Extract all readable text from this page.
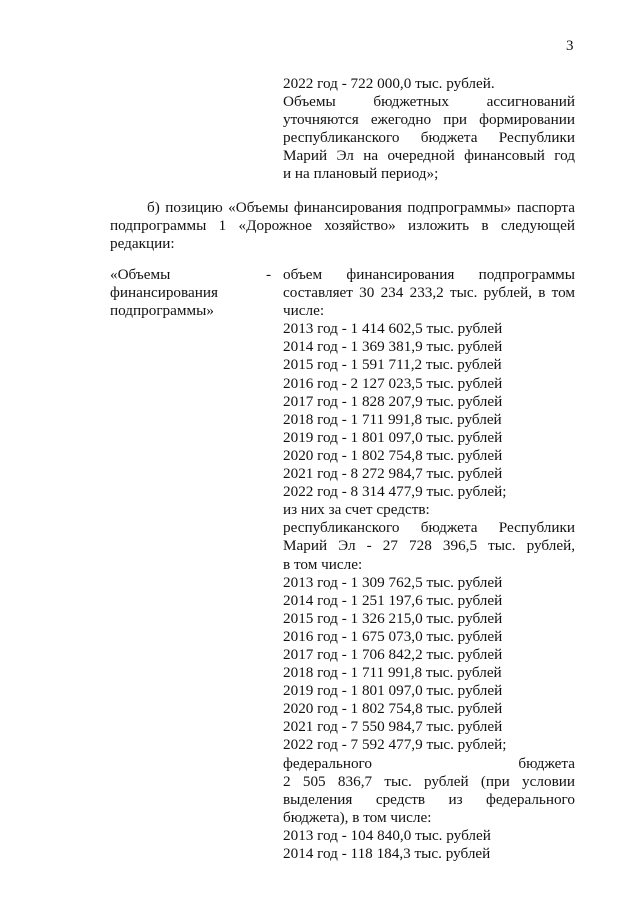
3
2022 год - 722 000,0 тыс. рублей.
Объемы бюджетных ассигнований
уточняются ежегодно при формировании
республиканского бюджета Республики
Марий Эл на очередной финансовый год
и на плановый период»;
б) позицию «Объемы финансирования подпрограммы» паспорта
подпрограммы 1 «Дорожное хозяйство» изложить в следующей
редакции:
«Объемы
финансирования
подпрограммы»
- объем финансирования подпрограммы
составляет 30 234 233,2 тыс. рублей, в том
числе:
2013 год - 1 414 602,5 тыс. рублей
2014 год - 1 369 381,9 тыс. рублей
2015 год - 1 591 711,2 тыс. рублей
2016 год - 2 127 023,5 тыс. рублей
2017 год - 1 828 207,9 тыс. рублей
2018 год - 1 711 991,8 тыс. рублей
2019 год - 1 801 097,0 тыс. рублей
2020 год - 1 802 754,8 тыс. рублей
2021 год - 8 272 984,7 тыс. рублей
2022 год - 8 314 477,9 тыс. рублей;
из них за счет средств:
республиканского бюджета Республики
Марий Эл - 27 728 396,5 тыс. рублей,
в том числе:
2013 год - 1 309 762,5 тыс. рублей
2014 год - 1 251 197,6 тыс. рублей
2015 год - 1 326 215,0 тыс. рублей
2016 год - 1 675 073,0 тыс. рублей
2017 год - 1 706 842,2 тыс. рублей
2018 год - 1 711 991,8 тыс. рублей
2019 год - 1 801 097,0 тыс. рублей
2020 год - 1 802 754,8 тыс. рублей
2021 год - 7 550 984,7 тыс. рублей
2022 год - 7 592 477,9 тыс. рублей;
федерального бюджета
2 505 836,7 тыс. рублей (при условии
выделения средств из федерального
бюджета), в том числе:
2013 год - 104 840,0 тыс. рублей
2014 год - 118 184,3 тыс. рублей
